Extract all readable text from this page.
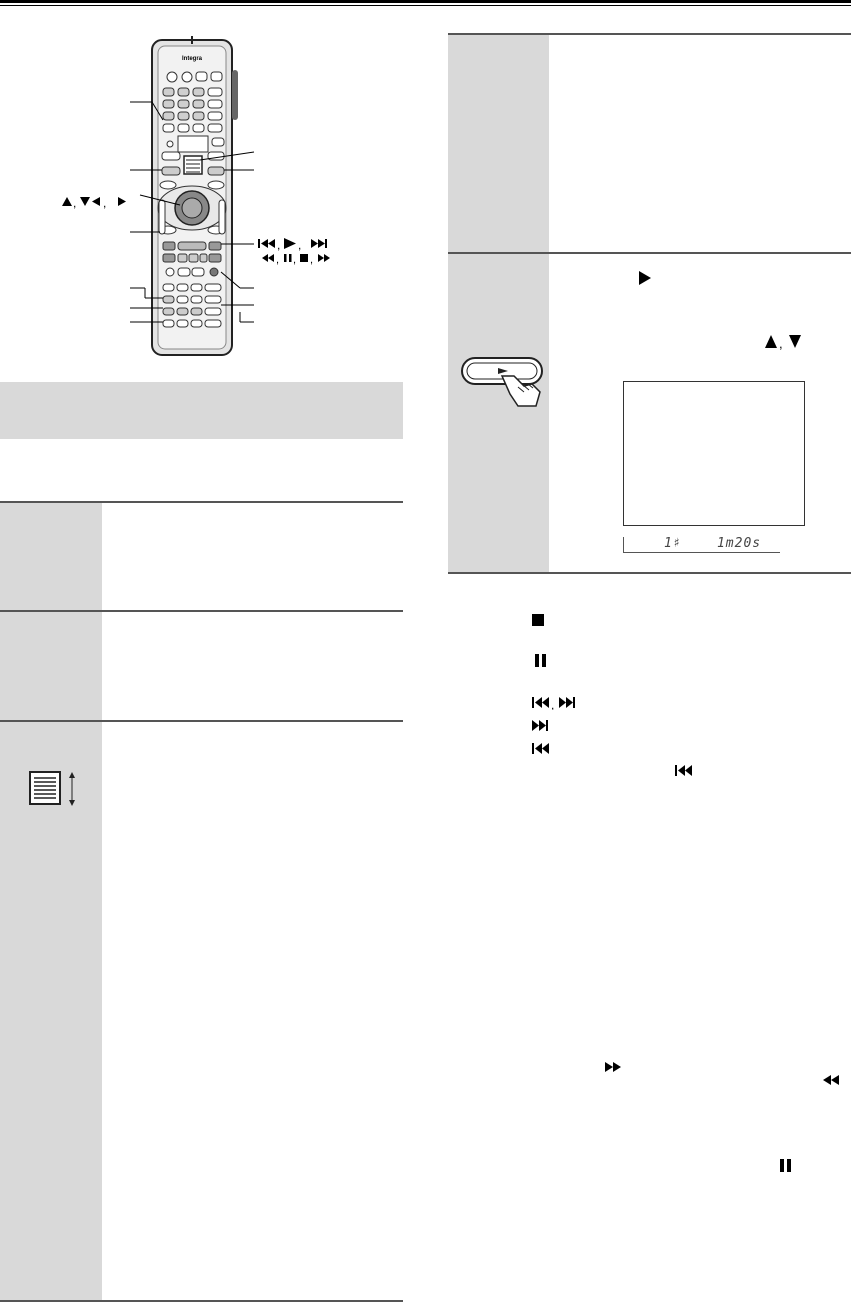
Integra
, ,
, ,
, , ,
,
1♯    1m20s
,
